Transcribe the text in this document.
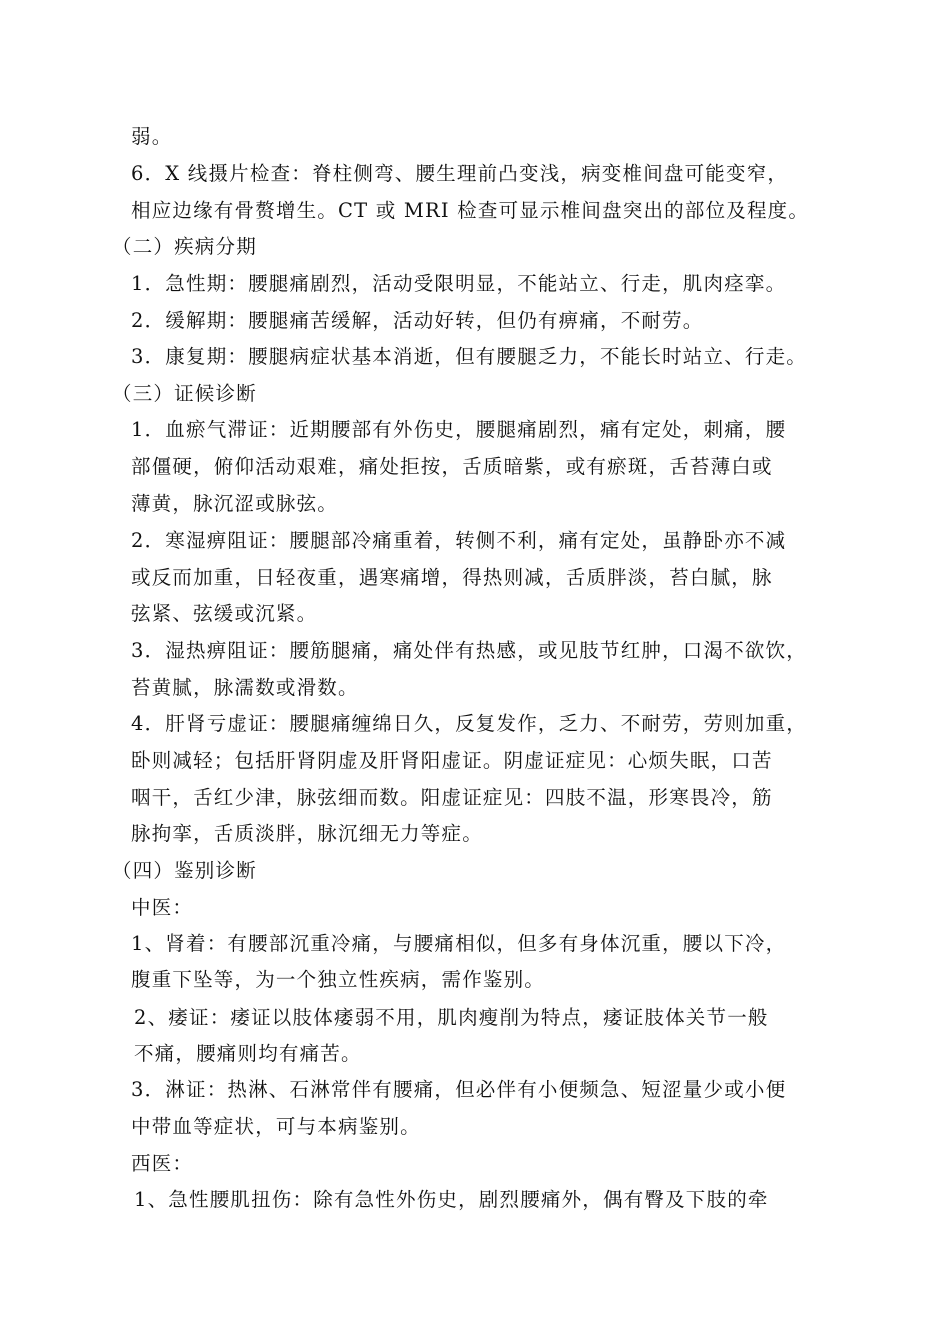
弱。
6．X 线摄片检查：脊柱侧弯、腰生理前凸变浅，病变椎间盘可能变窄，
相应边缘有骨赘增生。CT 或 MRI 检查可显示椎间盘突出的部位及程度。
（二）疾病分期
1．急性期：腰腿痛剧烈，活动受限明显，不能站立、行走，肌肉痉挛。
2．缓解期：腰腿痛苦缓解，活动好转，但仍有痹痛，不耐劳。
3．康复期：腰腿病症状基本消逝，但有腰腿乏力，不能长时站立、行走。
（三）证候诊断
1．血瘀气滞证：近期腰部有外伤史，腰腿痛剧烈，痛有定处，刺痛，腰
部僵硬，俯仰活动艰难，痛处拒按，舌质暗紫，或有瘀斑，舌苔薄白或
薄黄，脉沉涩或脉弦。
2．寒湿痹阻证：腰腿部冷痛重着，转侧不利，痛有定处，虽静卧亦不减
或反而加重，日轻夜重，遇寒痛增，得热则减，舌质胖淡，苔白腻，脉
弦紧、弦缓或沉紧。
3．湿热痹阻证：腰筋腿痛，痛处伴有热感，或见肢节红肿，口渴不欲饮，
苔黄腻，脉濡数或滑数。
4．肝肾亏虚证：腰腿痛缠绵日久，反复发作，乏力、不耐劳，劳则加重，
卧则减轻；包括肝肾阴虚及肝肾阳虚证。阴虚证症见：心烦失眠，口苦
咽干，舌红少津，脉弦细而数。阳虚证症见：四肢不温，形寒畏冷，筋
脉拘挛，舌质淡胖，脉沉细无力等症。
（四）鉴别诊断
中医：
1、肾着：有腰部沉重冷痛，与腰痛相似，但多有身体沉重，腰以下冷，
腹重下坠等，为一个独立性疾病，需作鉴别。
2、痿证：痿证以肢体痿弱不用，肌肉瘦削为特点，痿证肢体关节一般
不痛，腰痛则均有痛苦。
3．淋证：热淋、石淋常伴有腰痛，但必伴有小便频急、短涩量少或小便
中带血等症状，可与本病鉴别。
西医：
1、急性腰肌扭伤：除有急性外伤史，剧烈腰痛外，偶有臀及下肢的牵
